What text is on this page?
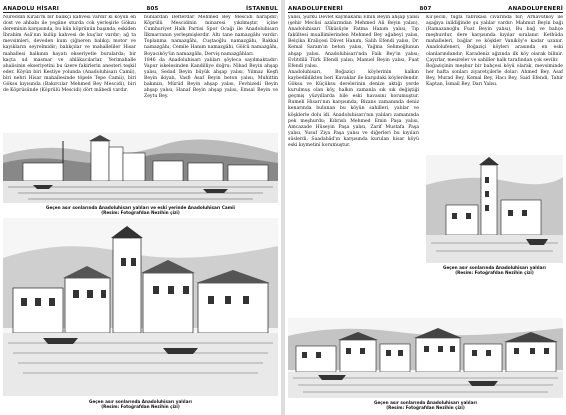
ANADOLU HİSARI	805	İSTANBUL

Nureddin Kirâli'm bir balıkçı kahvesi vardır ki köyün en dost ve ahbabı ile yegâne sturda cok yerleşirle Gökzu dereminin karşısında, bu kün köprünün başında, eskiden İbrahim Asâ'nın kulüp kahvesi de kuş'lar vardır; ağ ta mevsimleri, deveden kum çiğneren balıkçı motor ve kayıkların seyrelmidir; balıkçılar ve mahalleliler Hisar mahallesi halkının hayatı ekseriyetle buralarda; bir kaçta ud masmar ve ahlâkacılarlar. Yerimahalle ahalisinin ekseriyetini bu üzere fakirlerin anesteri teşkil eder. Köyün biri Kestiye yolunda (Anadoluhisarı Camii), biri nehri Hisar mahallesinde töpele Tepe Camii), biri Göksu kıyısında (Bakırcılar Mehmed Bey Mescidi), biri de Köprüsünde (Köprülü Mescidi) dört mâbedi vardır.

bunlardan Defterdar Mehmed Bey Mescidi harapdır; Köprülü Mescidinin minaresi yıkılmıştır, içine Cumhuriyet Halk Partisi Spor Ocağı ile Anadoluhisarı İlkmarranın yerleşmişlerdir. Altı tane namazgâhı vardır: Toplanma namazgâhı, Cuştaoğlu namazgâhı, Bakkal namazgâhı, Cemile Hanım namazgâhı, Gölcü namazgâhı, Boyacıköy'ün namazgâhı, Derviş namazgâhları.
1846 da Anadoluhisarı yalıları şöyleca sayılmaktadır: Vapur iskelesinden Kandilliye doğru: Nihad Beyin ahşap yalısı, Sedad Beyin büyük ahşap yalısı, Yılmaz Keşfi Beyin ikiyalı, Vasfi Asaf Beyin beton yalısı, Muhittin bakınızı, Mürüd Beyin ahşap yalısı, Fevhizedi Beyin ahşap yalısı, Hanaf Beyin ahşap yalısı, Emsal Beyin ve Zeytu Bey.

Geçen asır sonlarında Anadoluhisarı yalıları ve eski yerinde Anadoluhisarı Camii
(Resim: Fotoğrafdan Nezihin çizi)
Geçen asır sonlarında Anadoluhisarı yalıları
(Resim: Fotoğrafdan Nezihin çizi)
ANADOLUFENERİ	807	ANADOLUFENERİ

yalısı, Şürkü Devlet kaymakamı Emin Beyin ahşap yalısı (şehir Meclisi azalarından Mehmed Ali Beyin yalısı), Anadoluhisarı Ülküsüyle Fatma Hanım yalısı, Tıp fakültesi muallimlerinden Mehmed Bey ağabeyi yalısı, Belçika Kraliçesi Dâvet Hanım, Salih Efendi yalısı, Dr. Kemal Saram'ın beton yalısı, Yağma Selimoğlunun ahşap yalısı. Anadoluhisarı'nda Faik Bey'in yalısı; Evlitdilâ Türk Efendi yalısı, Manuel Beyin yalısı, Fuat Efendi yalısı.
Anadoluhisarı, Boğaziçi köylerinin kalkın kaybedildikten beri Kavaklar ile karşıdaki köylerdendir. Göksu ve Küçüksu derelerinin denize aktığı yerde kurulmuş olan köy, halkın zamanla sık sık değiştiği geçmiş yüzyıllarda bile eski havasını korumuştur. Rumeli Hisarı'nın karşısında, Bizans zamanında deniz kenarında bulunan bu köyün sahilleri, yalılar ve köşklerle dolu idi. Anadoluhisarı'nın yalıları zamanında pek meşhurdu; Kıbrıslı Mehmed Emin Paşa yalısı, Amcazade Hüseyin Paşa yalısı, Zarif Mustafa Paşa yalısı, Yusuf Ziya Paşa yalısı ve diğerleri bu kıyıları süslerdi. Saadabâd'ın karşısında kurulan hisar köyü eski kıymetini korumuştur.

Kü'şecin, tuğla fabrikası civarında bir; Arnavutköy ile aşağıya inildiğinde şu yalılar vardır: Mahmut Beyin bağı (Ramazanoğlu Fuat Beyin yalısı), Bu bağ ve bahçe meşhurdur, dere karşısında kıyılar sıralanır. Kethüda mahalleleri, bağlar ve köşkler Vaniköy'e kadar uzanır. Anadolufeneri, Boğaziçi köyleri arasında en eski olanlarındandır; Karadeniz ağzında ilk köy olarak bilinir. Çayırlar, mesireler ve sahiller halk tarafından çok sevilir.
Boğaziçinin meşhur bir bahçesi köyü olarak, mevsiminde her hafta sonları ziyaretçilerle dolar: Ahmed Bey, Asaf Bey, Murad Bey, Kemal Bey, Hacı Bey, Said Efendi, Tahir Kaptan, İsmail Bey, Darı Yalısı.

Geçen asır sonlarında Anadoluhisarı yalıları
(Resim: Fotoğrafdan Nezihin çizi)
Geçen asır sonlarında Anadoluhisarı yalıları
(Resim: Fotoğrafdan Nezihin çizi)
